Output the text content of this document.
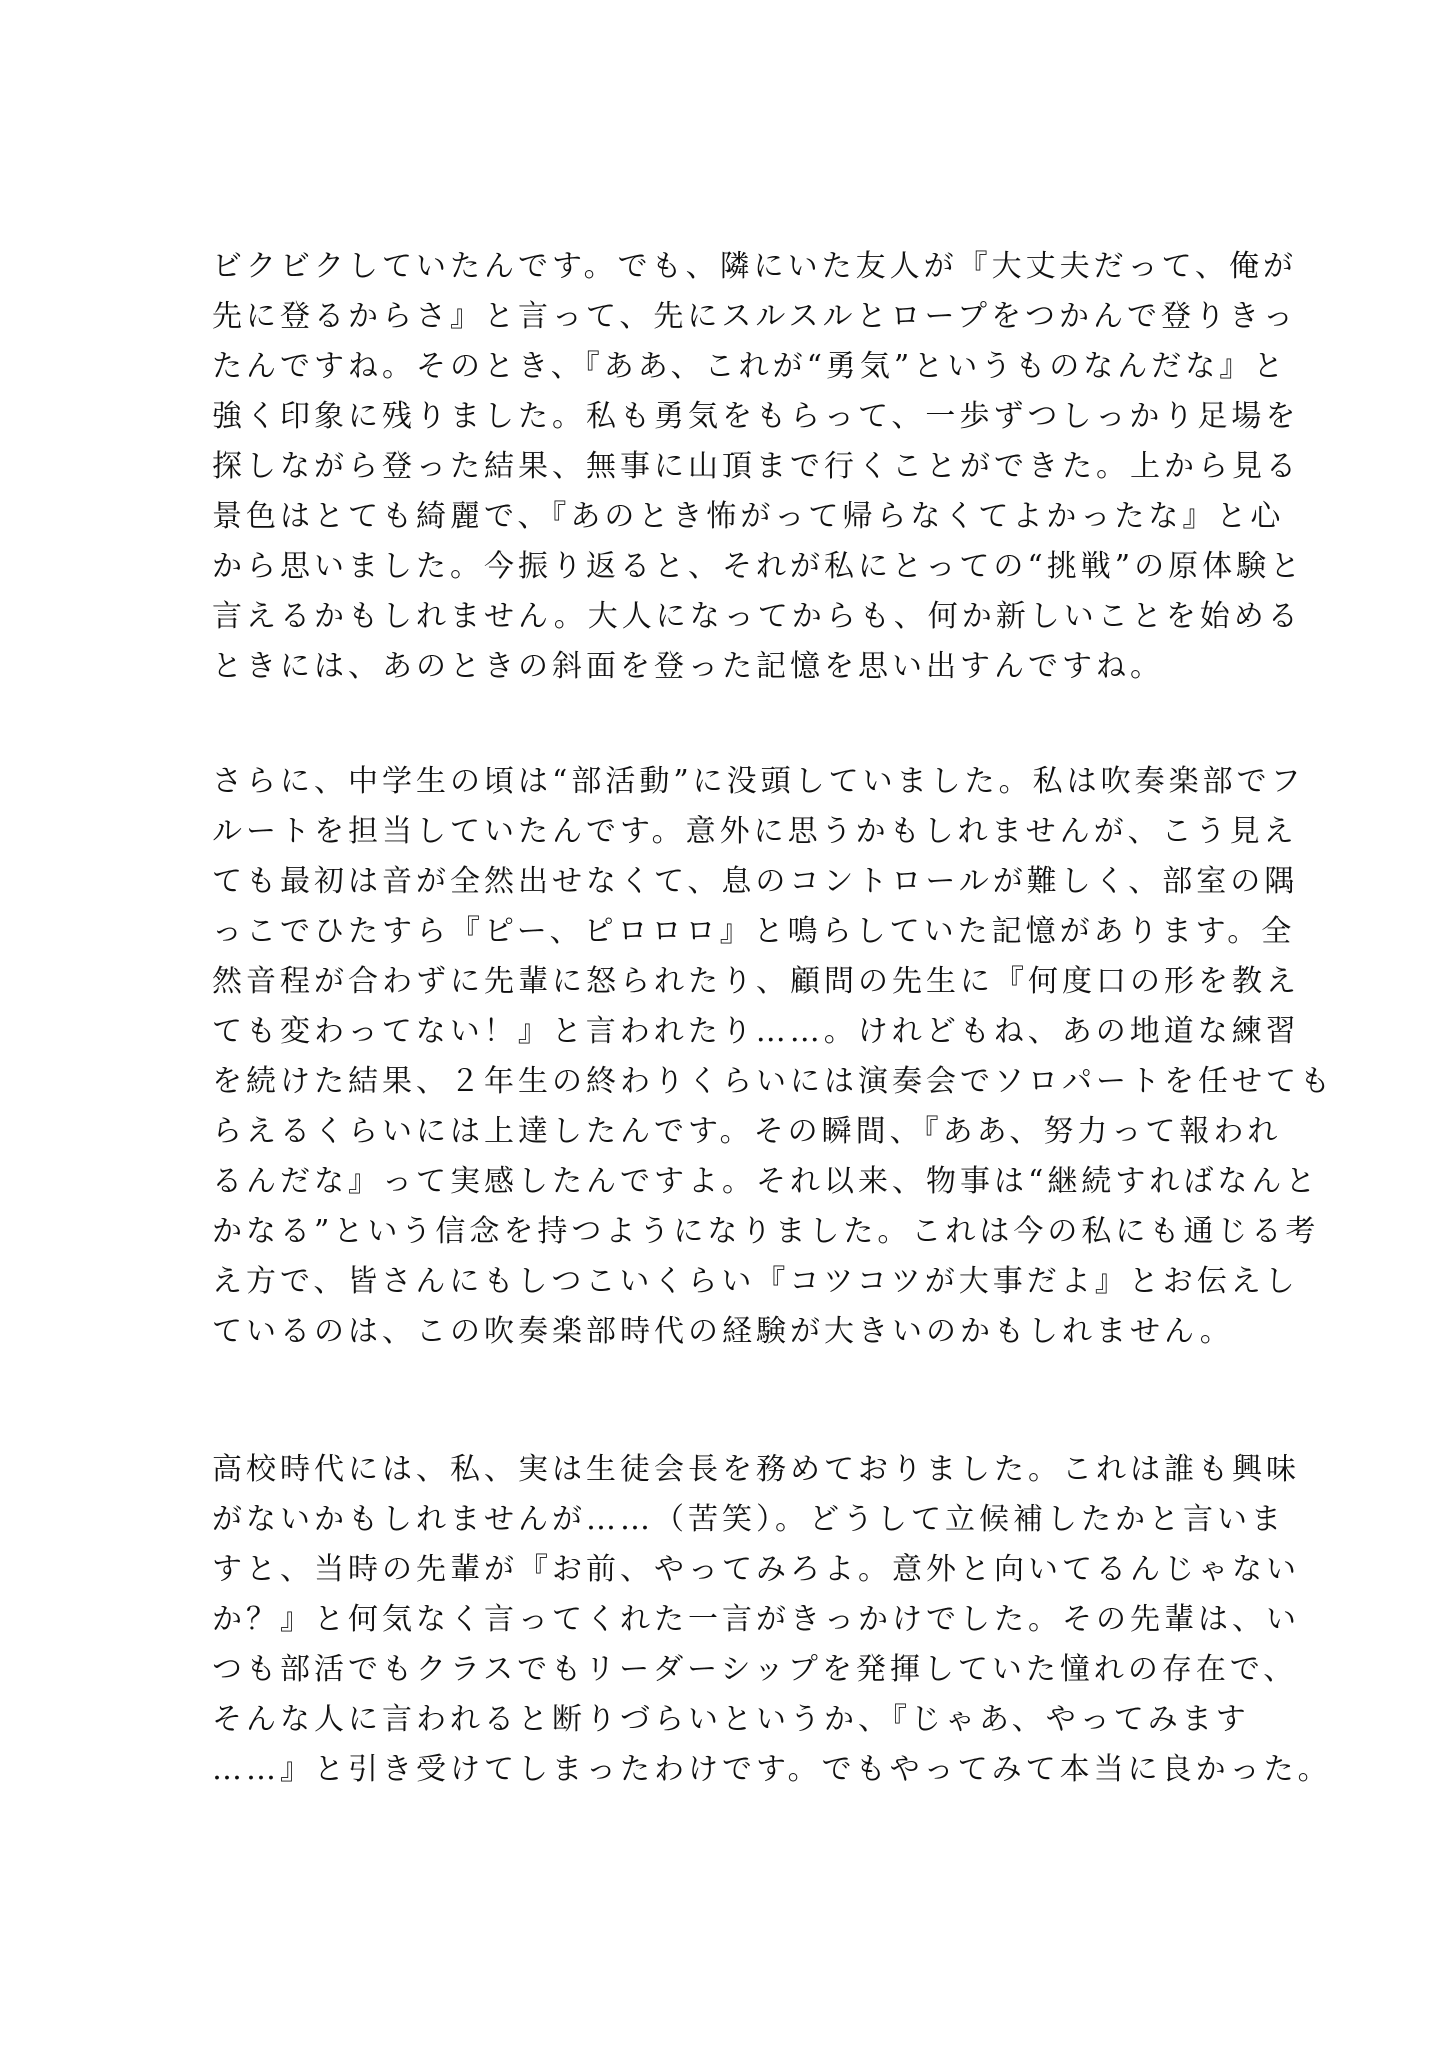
ビクビクしていたんです。でも、隣にいた友人が『大丈夫だって、俺が
先に登るからさ』と言って、先にスルスルとロープをつかんで登りきっ
たんですね。そのとき、『ああ、これが“勇気”というものなんだな』と
強く印象に残りました。私も勇気をもらって、一歩ずつしっかり足場を
探しながら登った結果、無事に山頂まで行くことができた。上から見る
景色はとても綺麗で、『あのとき怖がって帰らなくてよかったな』と心
から思いました。今振り返ると、それが私にとっての“挑戦”の原体験と
言えるかもしれません。大人になってからも、何か新しいことを始める
ときには、あのときの斜面を登った記憶を思い出すんですね。

さらに、中学生の頃は“部活動”に没頭していました。私は吹奏楽部でフ
ルートを担当していたんです。意外に思うかもしれませんが、こう見え
ても最初は音が全然出せなくて、息のコントロールが難しく、部室の隅
っこでひたすら『ピー、ピロロロ』と鳴らしていた記憶があります。全
然音程が合わずに先輩に怒られたり、顧問の先生に『何度口の形を教え
ても変わってない！』と言われたり……。けれどもね、あの地道な練習
を続けた結果、２年生の終わりくらいには演奏会でソロパートを任せても
らえるくらいには上達したんです。その瞬間、『ああ、努力って報われ
るんだな』って実感したんですよ。それ以来、物事は“継続すればなんと
かなる”という信念を持つようになりました。これは今の私にも通じる考
え方で、皆さんにもしつこいくらい『コツコツが大事だよ』とお伝えし
ているのは、この吹奏楽部時代の経験が大きいのかもしれません。

高校時代には、私、実は生徒会長を務めておりました。これは誰も興味
がないかもしれませんが……（苦笑）。どうして立候補したかと言いま
すと、当時の先輩が『お前、やってみろよ。意外と向いてるんじゃない
か？』と何気なく言ってくれた一言がきっかけでした。その先輩は、い
つも部活でもクラスでもリーダーシップを発揮していた憧れの存在で、
そんな人に言われると断りづらいというか、『じゃあ、やってみます
……』と引き受けてしまったわけです。でもやってみて本当に良かった。
